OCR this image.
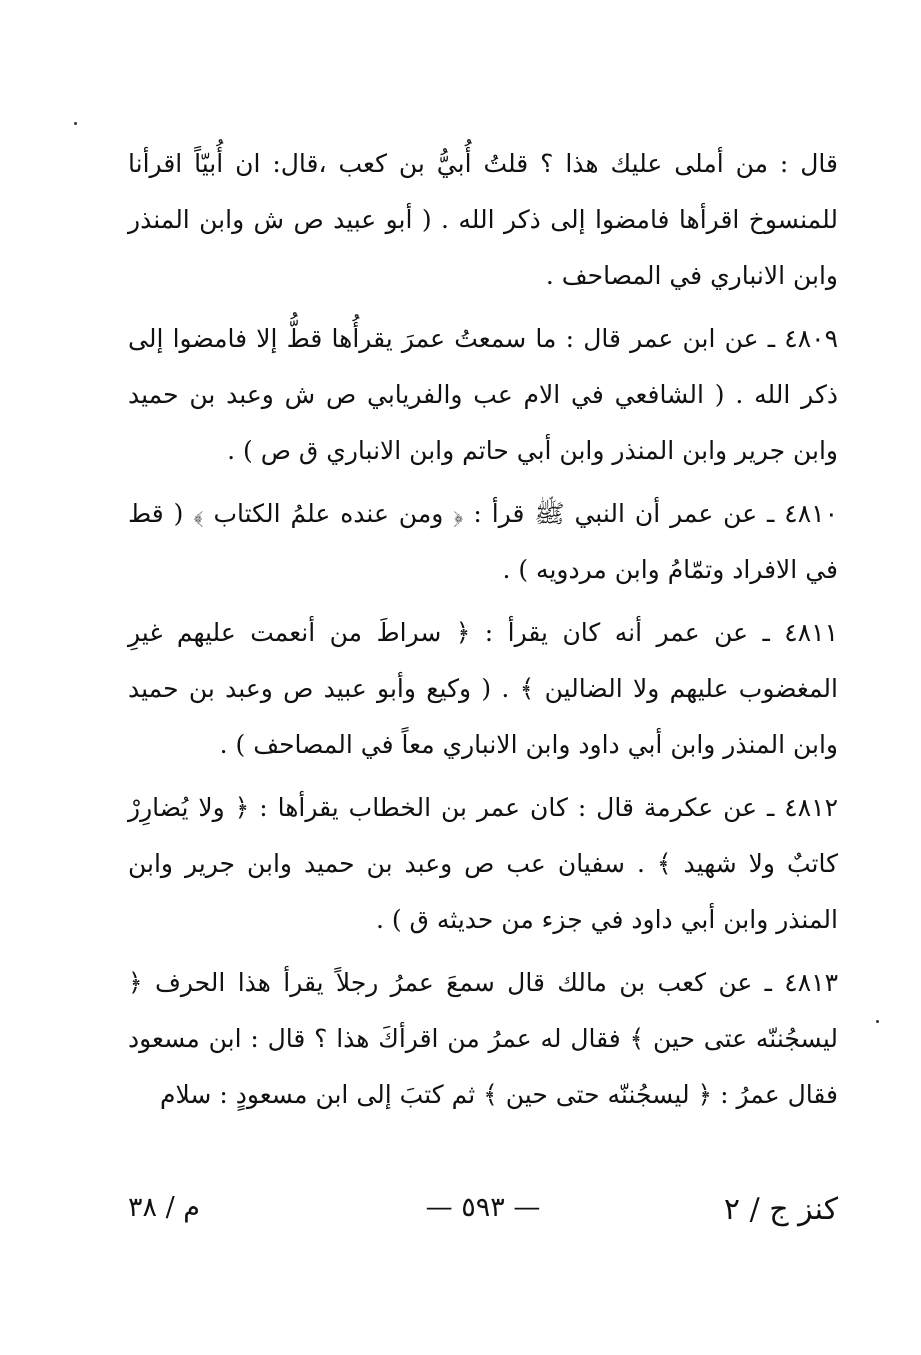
قال : من أملى عليك هذا ؟ قلتُ أُبيُّ بن كعب ،قال: ان أُبيّاً اقرأنا للمنسوخ اقرأها فامضوا إلى ذكر الله . ( أبو عبيد ص ش وابن المنذر وابن الانباري في المصاحف .

٤٨٠٩ ـ عن ابن عمر قال : ما سمعتُ عمرَ يقرأُها قطُّ إلا فامضوا إلى ذكر الله . ( الشافعي في الام عب والفريابي ص ش وعبد بن حميد وابن جرير وابن المنذر وابن أبي حاتم وابن الانباري ق ص ) .

٤٨١٠ ـ عن عمر أن النبي ﷺ قرأ : ﴿ ومن عنده علمُ الكتاب ﴾ ( قط في الافراد وتمّامُ وابن مردويه ) .

٤٨١١ ـ عن عمر أنه كان يقرأ : ﴿ سراطَ من أنعمت عليهم غيرِ المغضوب عليهم ولا الضالين ﴾ . ( وكيع وأبو عبيد ص وعبد بن حميد وابن المنذر وابن أبي داود وابن الانباري معاً في المصاحف ) .

٤٨١٢ ـ عن عكرمة قال : كان عمر بن الخطاب يقرأها : ﴿ ولا يُضارِرْ كاتبٌ ولا شهيد ﴾ . سفيان عب ص وعبد بن حميد وابن جرير وابن المنذر وابن أبي داود في جزء من حديثه ق ) .

٤٨١٣ ـ عن كعب بن مالك قال سمعَ عمرُ رجلاً يقرأ هذا الحرف ﴿ ليسجُننّه عتى حين ﴾ فقال له عمرُ من اقرأكَ هذا ؟ قال : ابن مسعود فقال عمرُ : ﴿ ليسجُننّه حتى حين ﴾ ثم كتبَ إلى ابن مسعودٍ : سلام

كنز ج / ٢
— ٥٩٣ —
م / ٣٨
